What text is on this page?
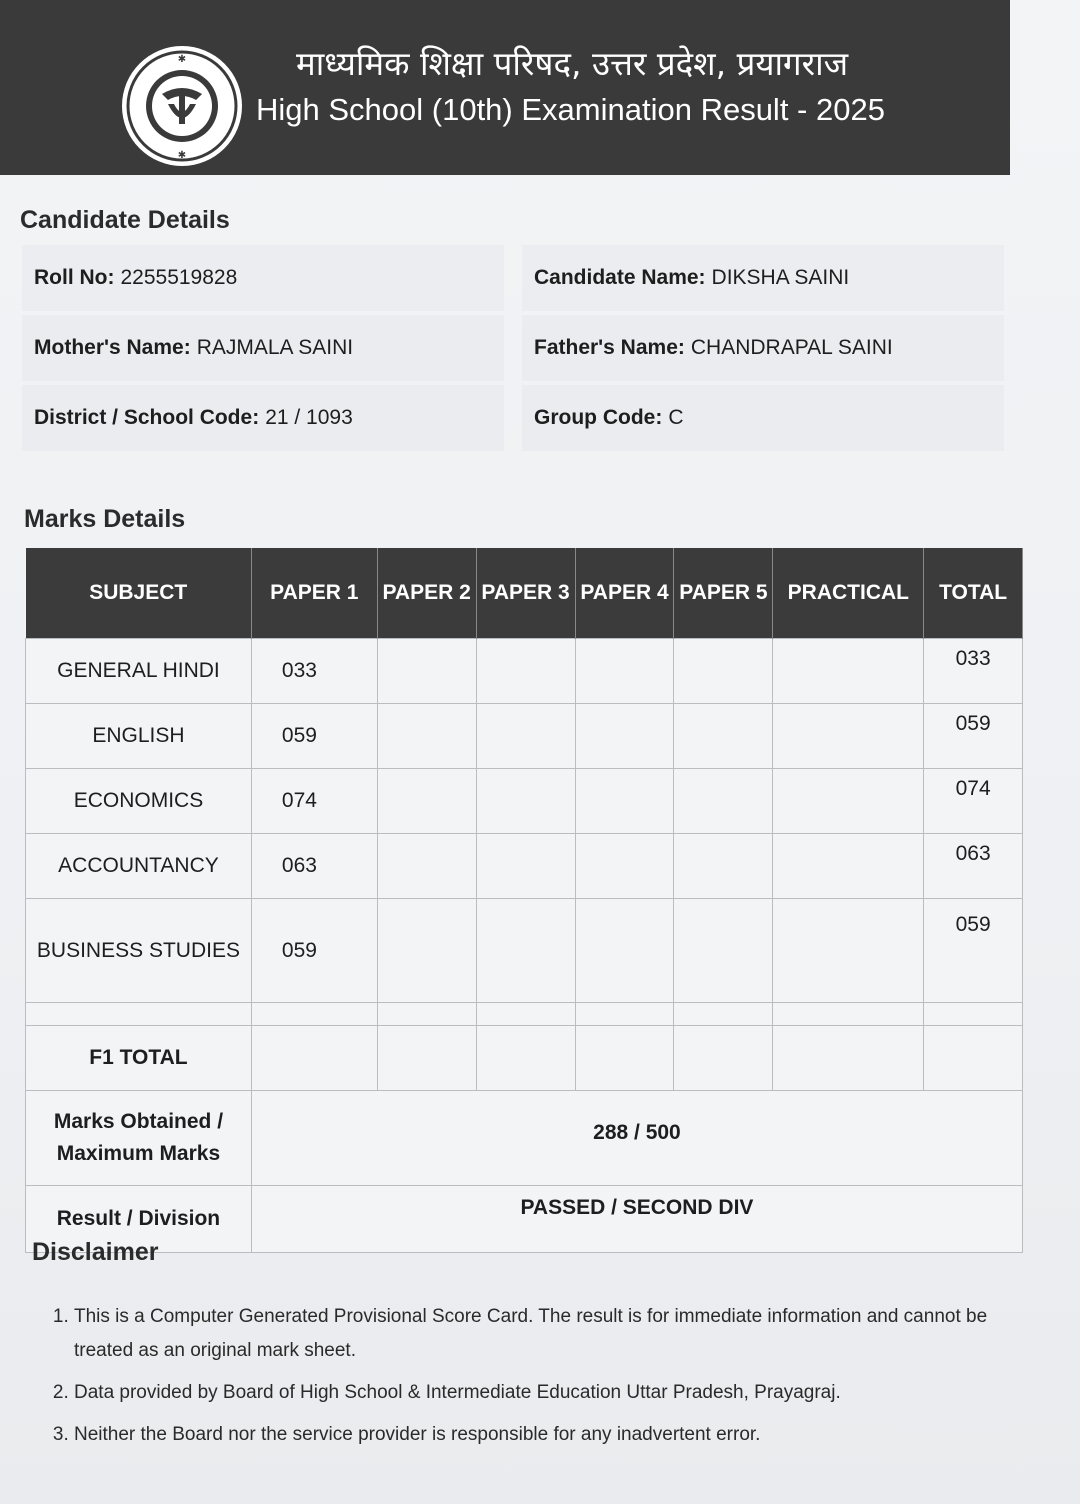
✱
✱
माध्यमिक शिक्षा परिषद, उत्तर प्रदेश, प्रयागराज
High School (10th) Examination Result - 2025
Candidate Details
Roll No: 2255519828	Candidate Name: DIKSHA SAINI
Mother's Name: RAJMALA SAINI	Father's Name: CHANDRAPAL SAINI
District / School Code: 21 / 1093	Group Code: C
Marks Details
SUBJECT	PAPER 1	PAPER 2	PAPER 3	PAPER 4	PAPER 5	PRACTICAL	TOTAL
GENERAL HINDI	033						033
ENGLISH	059						059
ECONOMICS	074						074
ACCOUNTANCY	063						063
BUSINESS STUDIES	059						059

F1 TOTAL							
Marks Obtained / Maximum Marks	288 / 500						
Result / Division	PASSED / SECOND DIV						
Disclaimer
1. This is a Computer Generated Provisional Score Card. The result is for immediate information and cannot be treated as an original mark sheet.
2. Data provided by Board of High School & Intermediate Education Uttar Pradesh, Prayagraj.
3. Neither the Board nor the service provider is responsible for any inadvertent error.
